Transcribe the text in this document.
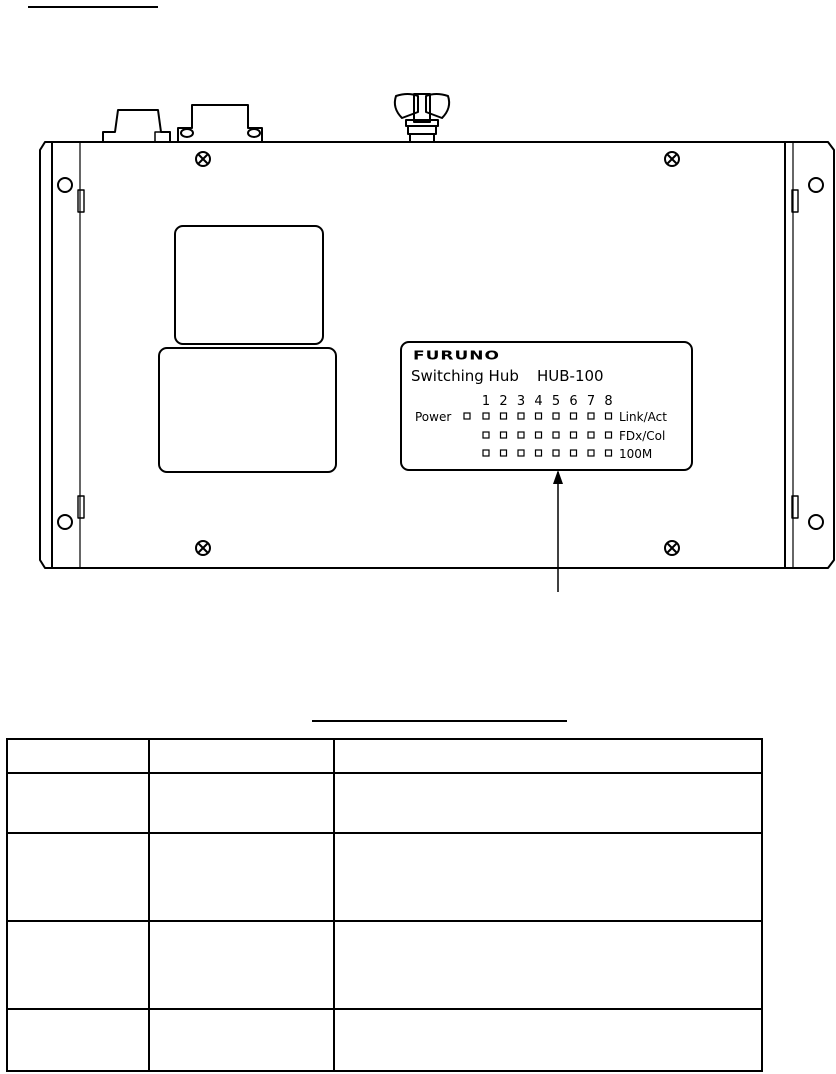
FURUNO
Switching Hub HUB-100
1 2 3 4 5 6 7 8
Power	Link/Act
FDx/Col
100M
